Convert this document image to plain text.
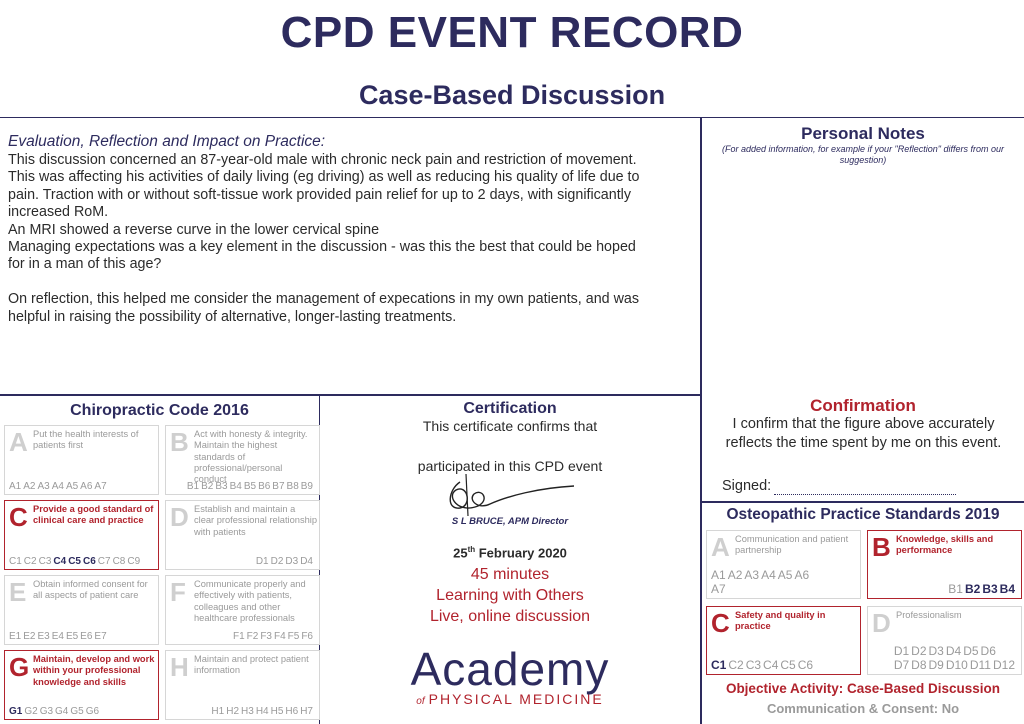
CPD EVENT RECORD
Case-Based Discussion
Evaluation, Reflection and Impact on Practice:
This discussion concerned an 87-year-old male with chronic neck pain and restriction of movement.
This was affecting his activities of daily living (eg driving) as well as reducing his quality of life due to
pain. Traction with or without soft-tissue work provided pain relief for up to 2 days, with significantly
increased RoM.
An MRI showed a reverse curve in the lower cervical spine
Managing expectations was a key element in the discussion - was this the best that could be hoped
for in a man of this age?
On reflection, this helped me consider the management of expecations in my own patients, and was
helpful in raising the possibility of alternative, longer-lasting treatments.
Personal Notes
(For added information, for example if your "Reflection" differs from our
suggestion)
Confirmation
I confirm that the figure above accurately
reflects the time spent by me on this event.
Signed:
Chiropractic Code 2016
A Put the health interests of patients first
A1 A2 A3 A4 A5 A6 A7
B Act with honesty & integrity. Maintain the highest standards of professional/personal conduct
B1 B2 B3 B4 B5 B6 B7 B8 B9
C Provide a good standard of clinical care and practice
C1 C2 C3 C4 C5 C6 C7 C8 C9
D Establish and maintain a clear professional relationship with patients
D1 D2 D3 D4
E Obtain informed consent for all aspects of patient care
E1 E2 E3 E4 E5 E6 E7
F Communicate properly and effectively with patients, colleagues and other healthcare professionals
F1 F2 F3 F4 F5 F6
G Maintain, develop and work within your professional knowledge and skills
G1 G2 G3 G4 G5 G6
H Maintain and protect patient information
H1 H2 H3 H4 H5 H6 H7
Certification
This certificate confirms that
participated in this CPD event
S L BRUCE, APM Director
25th February 2020
45 minutes
Learning with Others
Live, online discussion
Academy
of PHYSICAL MEDICINE
Osteopathic Practice Standards 2019
A Communication and patient partnership
A1 A2 A3 A4 A5 A6
A7
B Knowledge, skills and performance
B1 B2 B3 B4
C Safety and quality in practice
C1 C2 C3 C4 C5 C6

D Professionalism
D1 D2 D3 D4 D5 D6
D7 D8 D9 D10 D11 D12
Objective Activity: Case-Based Discussion
Communication & Consent: No
